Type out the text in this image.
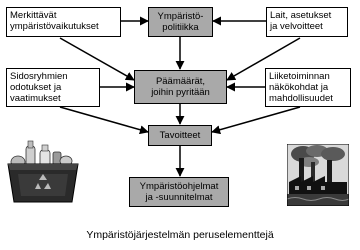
Merkittävät
ympäristövaikutukset
Ympäristö-
politiikka
Lait, asetukset
ja velvoitteet
Sidosryhmien
odotukset ja
vaatimukset
Päämäärät,
joihin pyritään
Liiketoiminnan
näkökohdat ja
mahdollisuudet
Tavoitteet
Ympäristöohjelmat
ja -suunnitelmat
Ympäristöjärjestelmän peruselementtejä
